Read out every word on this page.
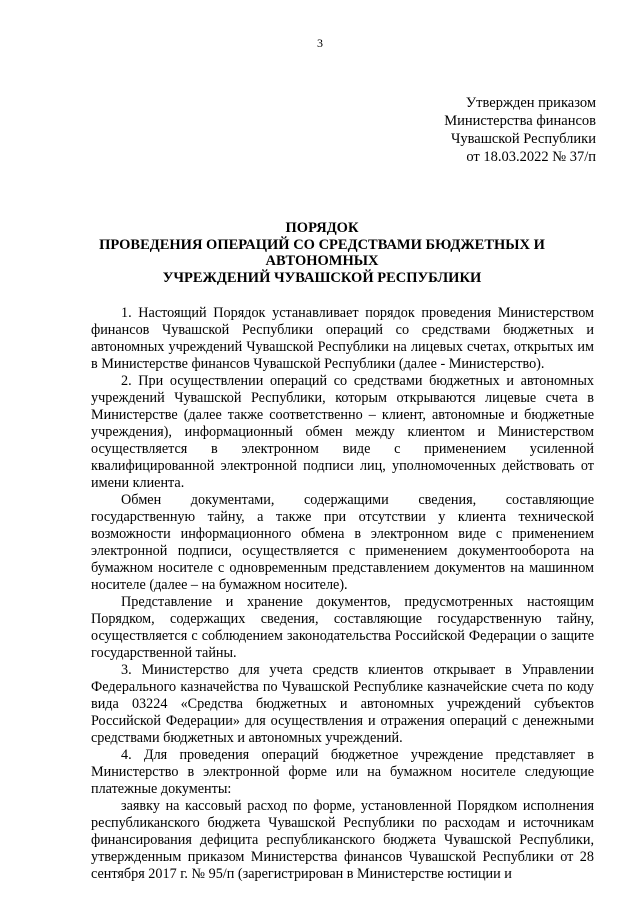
3
Утвержден приказом
Министерства финансов
Чувашской Республики
от 18.03.2022 № 37/п
ПОРЯДОК
ПРОВЕДЕНИЯ ОПЕРАЦИЙ СО СРЕДСТВАМИ БЮДЖЕТНЫХ И
АВТОНОМНЫХ
УЧРЕЖДЕНИЙ ЧУВАШСКОЙ РЕСПУБЛИКИ

1. Настоящий Порядок устанавливает порядок проведения Министерством финансов Чувашской Республики операций со средствами бюджетных и автономных учреждений Чувашской Республики на лицевых счетах, открытых им в Министерстве финансов Чувашской Республики (далее - Министерство).

2. При осуществлении операций со средствами бюджетных и автономных учреждений Чувашской Республики, которым открываются лицевые счета в Министерстве (далее также соответственно – клиент, автономные и бюджетные учреждения), информационный обмен между клиентом и Министерством осуществляется в электронном виде с применением усиленной квалифицированной электронной подписи лиц, уполномоченных действовать от имени клиента.

Обмен документами, содержащими сведения, составляющие государственную тайну, а также при отсутствии у клиента технической возможности информационного обмена в электронном виде с применением электронной подписи, осуществляется с применением документооборота на бумажном носителе с одновременным представлением документов на машинном носителе (далее – на бумажном носителе).

Представление и хранение документов, предусмотренных настоящим Порядком, содержащих сведения, составляющие государственную тайну, осуществляется с соблюдением законодательства Российской Федерации о защите государственной тайны.

3. Министерство для учета средств клиентов открывает в Управлении Федерального казначейства по Чувашской Республике казначейские счета по коду вида 03224 «Средства бюджетных и автономных учреждений субъектов Российской Федерации» для осуществления и отражения операций с денежными средствами бюджетных и автономных учреждений.

4. Для проведения операций бюджетное учреждение представляет в Министерство в электронной форме или на бумажном носителе следующие платежные документы:

заявку на кассовый расход по форме, установленной Порядком исполнения республиканского бюджета Чувашской Республики по расходам и источникам финансирования дефицита республиканского бюджета Чувашской Республики, утвержденным приказом Министерства финансов Чувашской Республики от 28 сентября 2017 г. № 95/п (зарегистрирован в Министерстве юстиции и
